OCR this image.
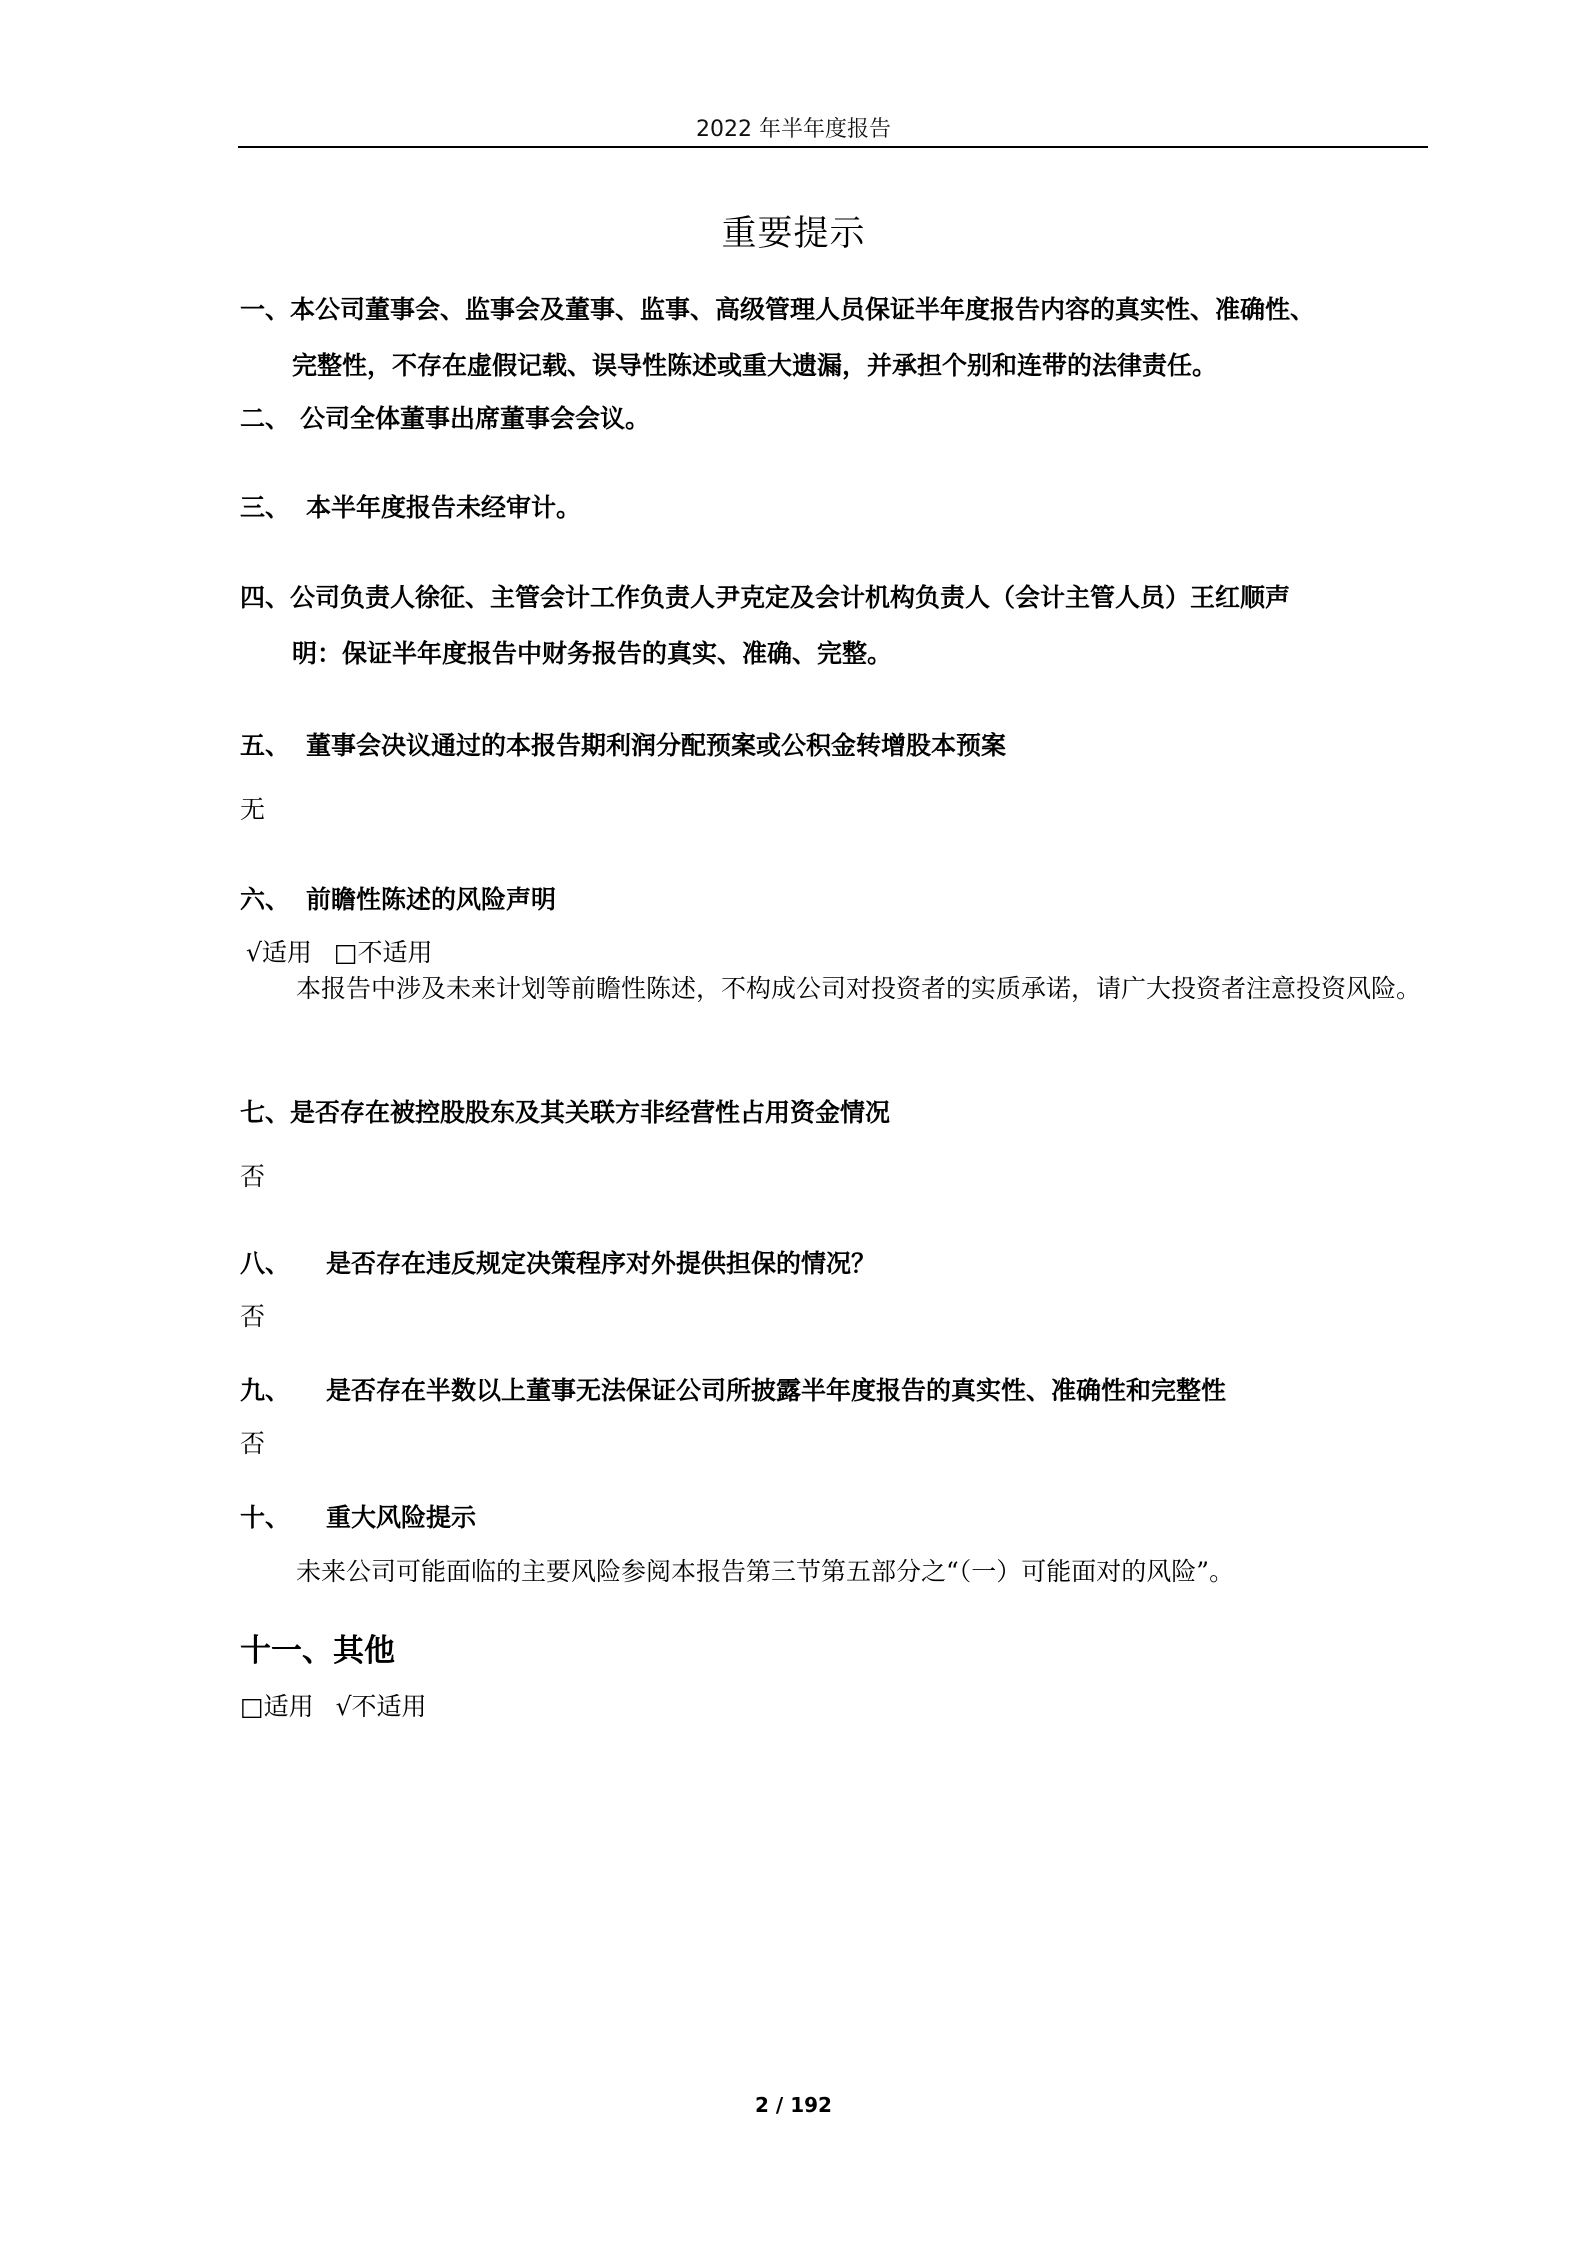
2022 年半年度报告
重要提示
一、本公司董事会、监事会及董事、监事、高级管理人员保证半年度报告内容的真实性、准确性、
完整性，不存在虚假记载、误导性陈述或重大遗漏，并承担个别和连带的法律责任。
二、 公司全体董事出席董事会会议。
三、 本半年度报告未经审计。
四、公司负责人徐征、主管会计工作负责人尹克定及会计机构负责人（会计主管人员）王红顺声
明：保证半年度报告中财务报告的真实、准确、完整。
五、 董事会决议通过的本报告期利润分配预案或公积金转增股本预案
无
六、 前瞻性陈述的风险声明
√适用 □不适用
本报告中涉及未来计划等前瞻性陈述，不构成公司对投资者的实质承诺，请广大投资者注意投资风险。
七、是否存在被控股股东及其关联方非经营性占用资金情况
否
八、 是否存在违反规定决策程序对外提供担保的情况？
否
九、 是否存在半数以上董事无法保证公司所披露半年度报告的真实性、准确性和完整性
否
十、 重大风险提示
未来公司可能面临的主要风险参阅本报告第三节第五部分之“（一）可能面对的风险”。
十一、其他
□适用 √不适用
2 / 192
